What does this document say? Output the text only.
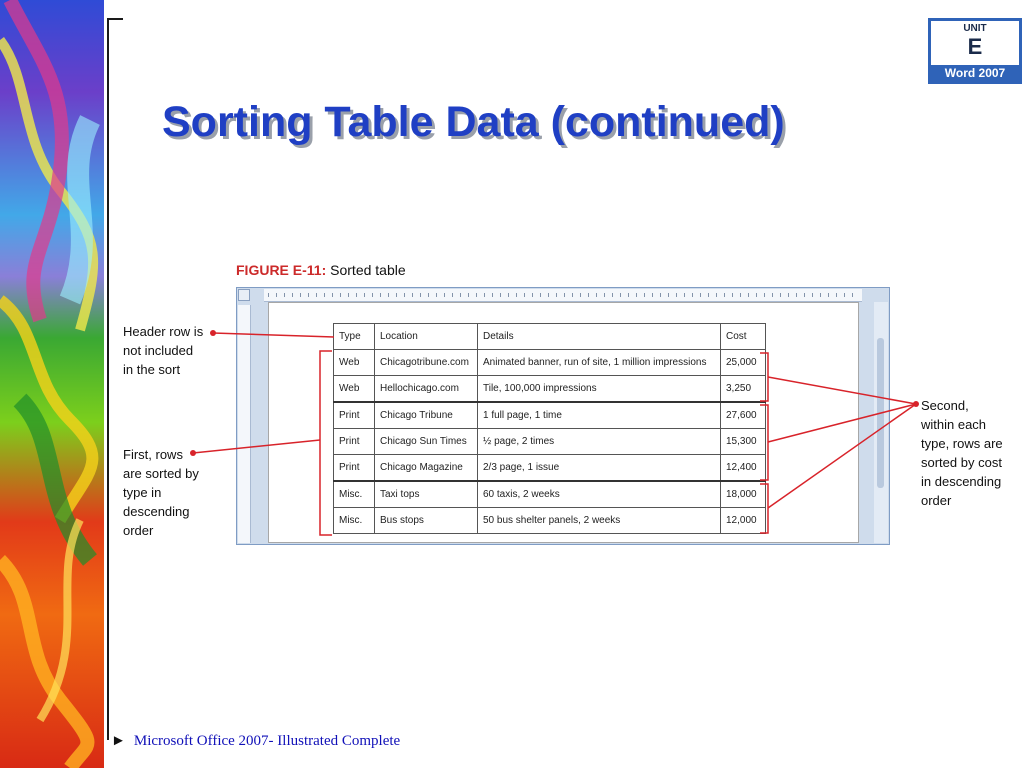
UNIT
E
Word 2007
Sorting Table Data (continued)
FIGURE E-11: Sorted table
Type	Location	Details	Cost
Web	Chicagotribune.com	Animated banner, run of site, 1 million impressions	25,000
Web	Hellochicago.com	Tile, 100,000 impressions	3,250
Print	Chicago Tribune	1 full page, 1 time	27,600
Print	Chicago Sun Times	½ page, 2 times	15,300
Print	Chicago Magazine	2/3 page, 1 issue	12,400
Misc.	Taxi tops	60 taxis, 2 weeks	18,000
Misc.	Bus stops	50 bus shelter panels, 2 weeks	12,000
Header row is
not included
in the sort
First, rows
are sorted by
type in
descending
order
Second,
within each
type, rows are
sorted by cost
in descending
order
► Microsoft Office 2007- Illustrated Complete
